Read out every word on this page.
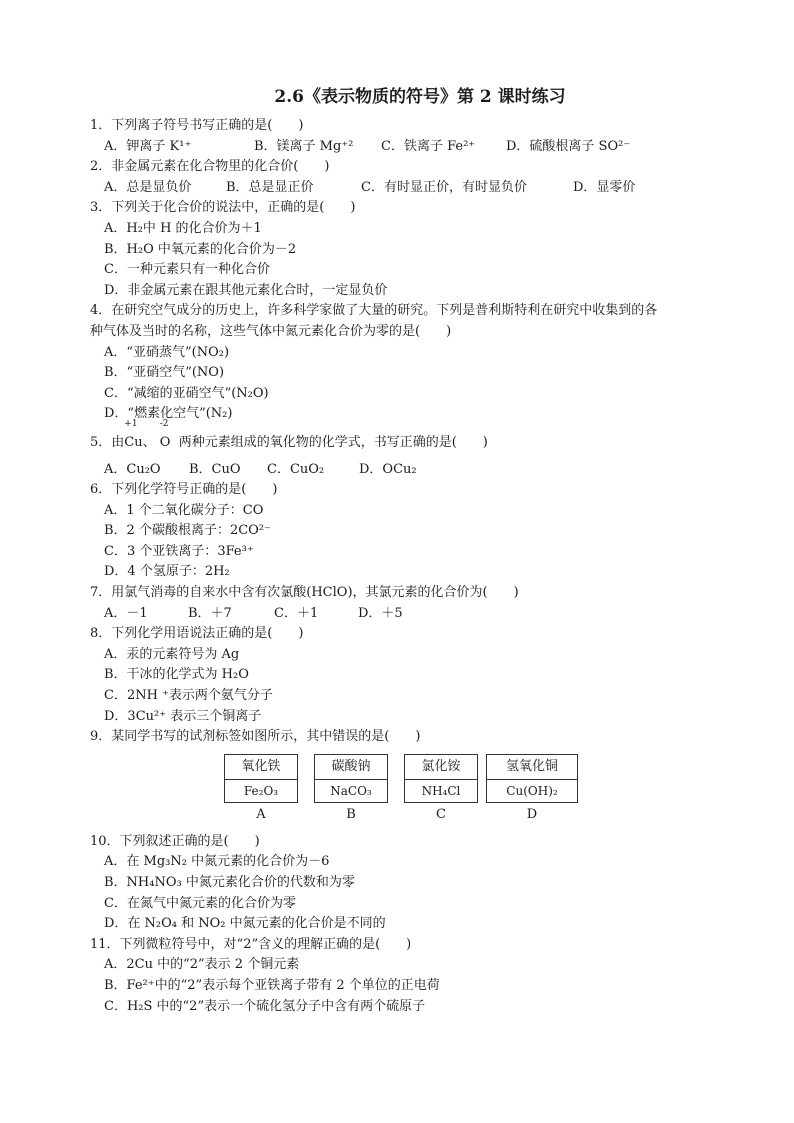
2.6《表示物质的符号》第 2 课时练习
1．下列离子符号书写正确的是(　　)
A．钾离子 K¹⁺	B．镁离子 Mg⁺²	C．铁离子 Fe²⁺	D．硫酸根离子 SO²⁻
2．非金属元素在化合物里的化合价(　　)
A．总是显负价	B．总是显正价	C．有时显正价，有时显负价	D．显零价
3．下列关于化合价的说法中，正确的是(　　)
A．H₂中 H 的化合价为＋1
B．H₂O 中氧元素的化合价为－2
C．一种元素只有一种化合价
D．非金属元素在跟其他元素化合时，一定显负价
4．在研究空气成分的历史上，许多科学家做了大量的研究。下列是普利斯特利在研究中收集到的各
种气体及当时的名称，这些气体中氮元素化合价为零的是(　　)
A．“亚硝蒸气”(NO₂)
B．“亚硝空气”(NO)
C．“减缩的亚硝空气”(N₂O)
D．“燃素化空气”(N₂)
5．由
+1
Cu、
-2
O 两种元素组成的氧化物的化学式，书写正确的是(　　)
A．Cu₂O	B．CuO	C．CuO₂	D．OCu₂
6．下列化学符号正确的是(　　)
A．1 个二氧化碳分子：CO
B．2 个碳酸根离子：2CO²⁻
C．3 个亚铁离子：3Fe³⁺
D．4 个氢原子：2H₂
7．用氯气消毒的自来水中含有次氯酸(HClO)，其氯元素的化合价为(　　)
A．－1	B．＋7	C．＋1	D．＋5
8．下列化学用语说法正确的是(　　)
A．汞的元素符号为 Ag
B．干冰的化学式为 H₂O
C．2NH ⁺表示两个氨气分子
D．3Cu²⁺ 表示三个铜离子
9．某同学书写的试剂标签如图所示，其中错误的是(　　)
氧化铁
Fe₂O₃
A
碳酸钠
NaCO₃
B
氯化铵
NH₄Cl
C
氢氧化铜
Cu(OH)₂
D
10．下列叙述正确的是(　　)
A．在 Mg₃N₂ 中氮元素的化合价为－6
B．NH₄NO₃ 中氮元素化合价的代数和为零
C．在氮气中氮元素的化合价为零
D．在 N₂O₄ 和 NO₂ 中氮元素的化合价是不同的
11．下列微粒符号中，对“2”含义的理解正确的是(　　)
A．2Cu 中的“2”表示 2 个铜元素
B．Fe²⁺中的“2”表示每个亚铁离子带有 2 个单位的正电荷
C．H₂S 中的“2”表示一个硫化氢分子中含有两个硫原子
